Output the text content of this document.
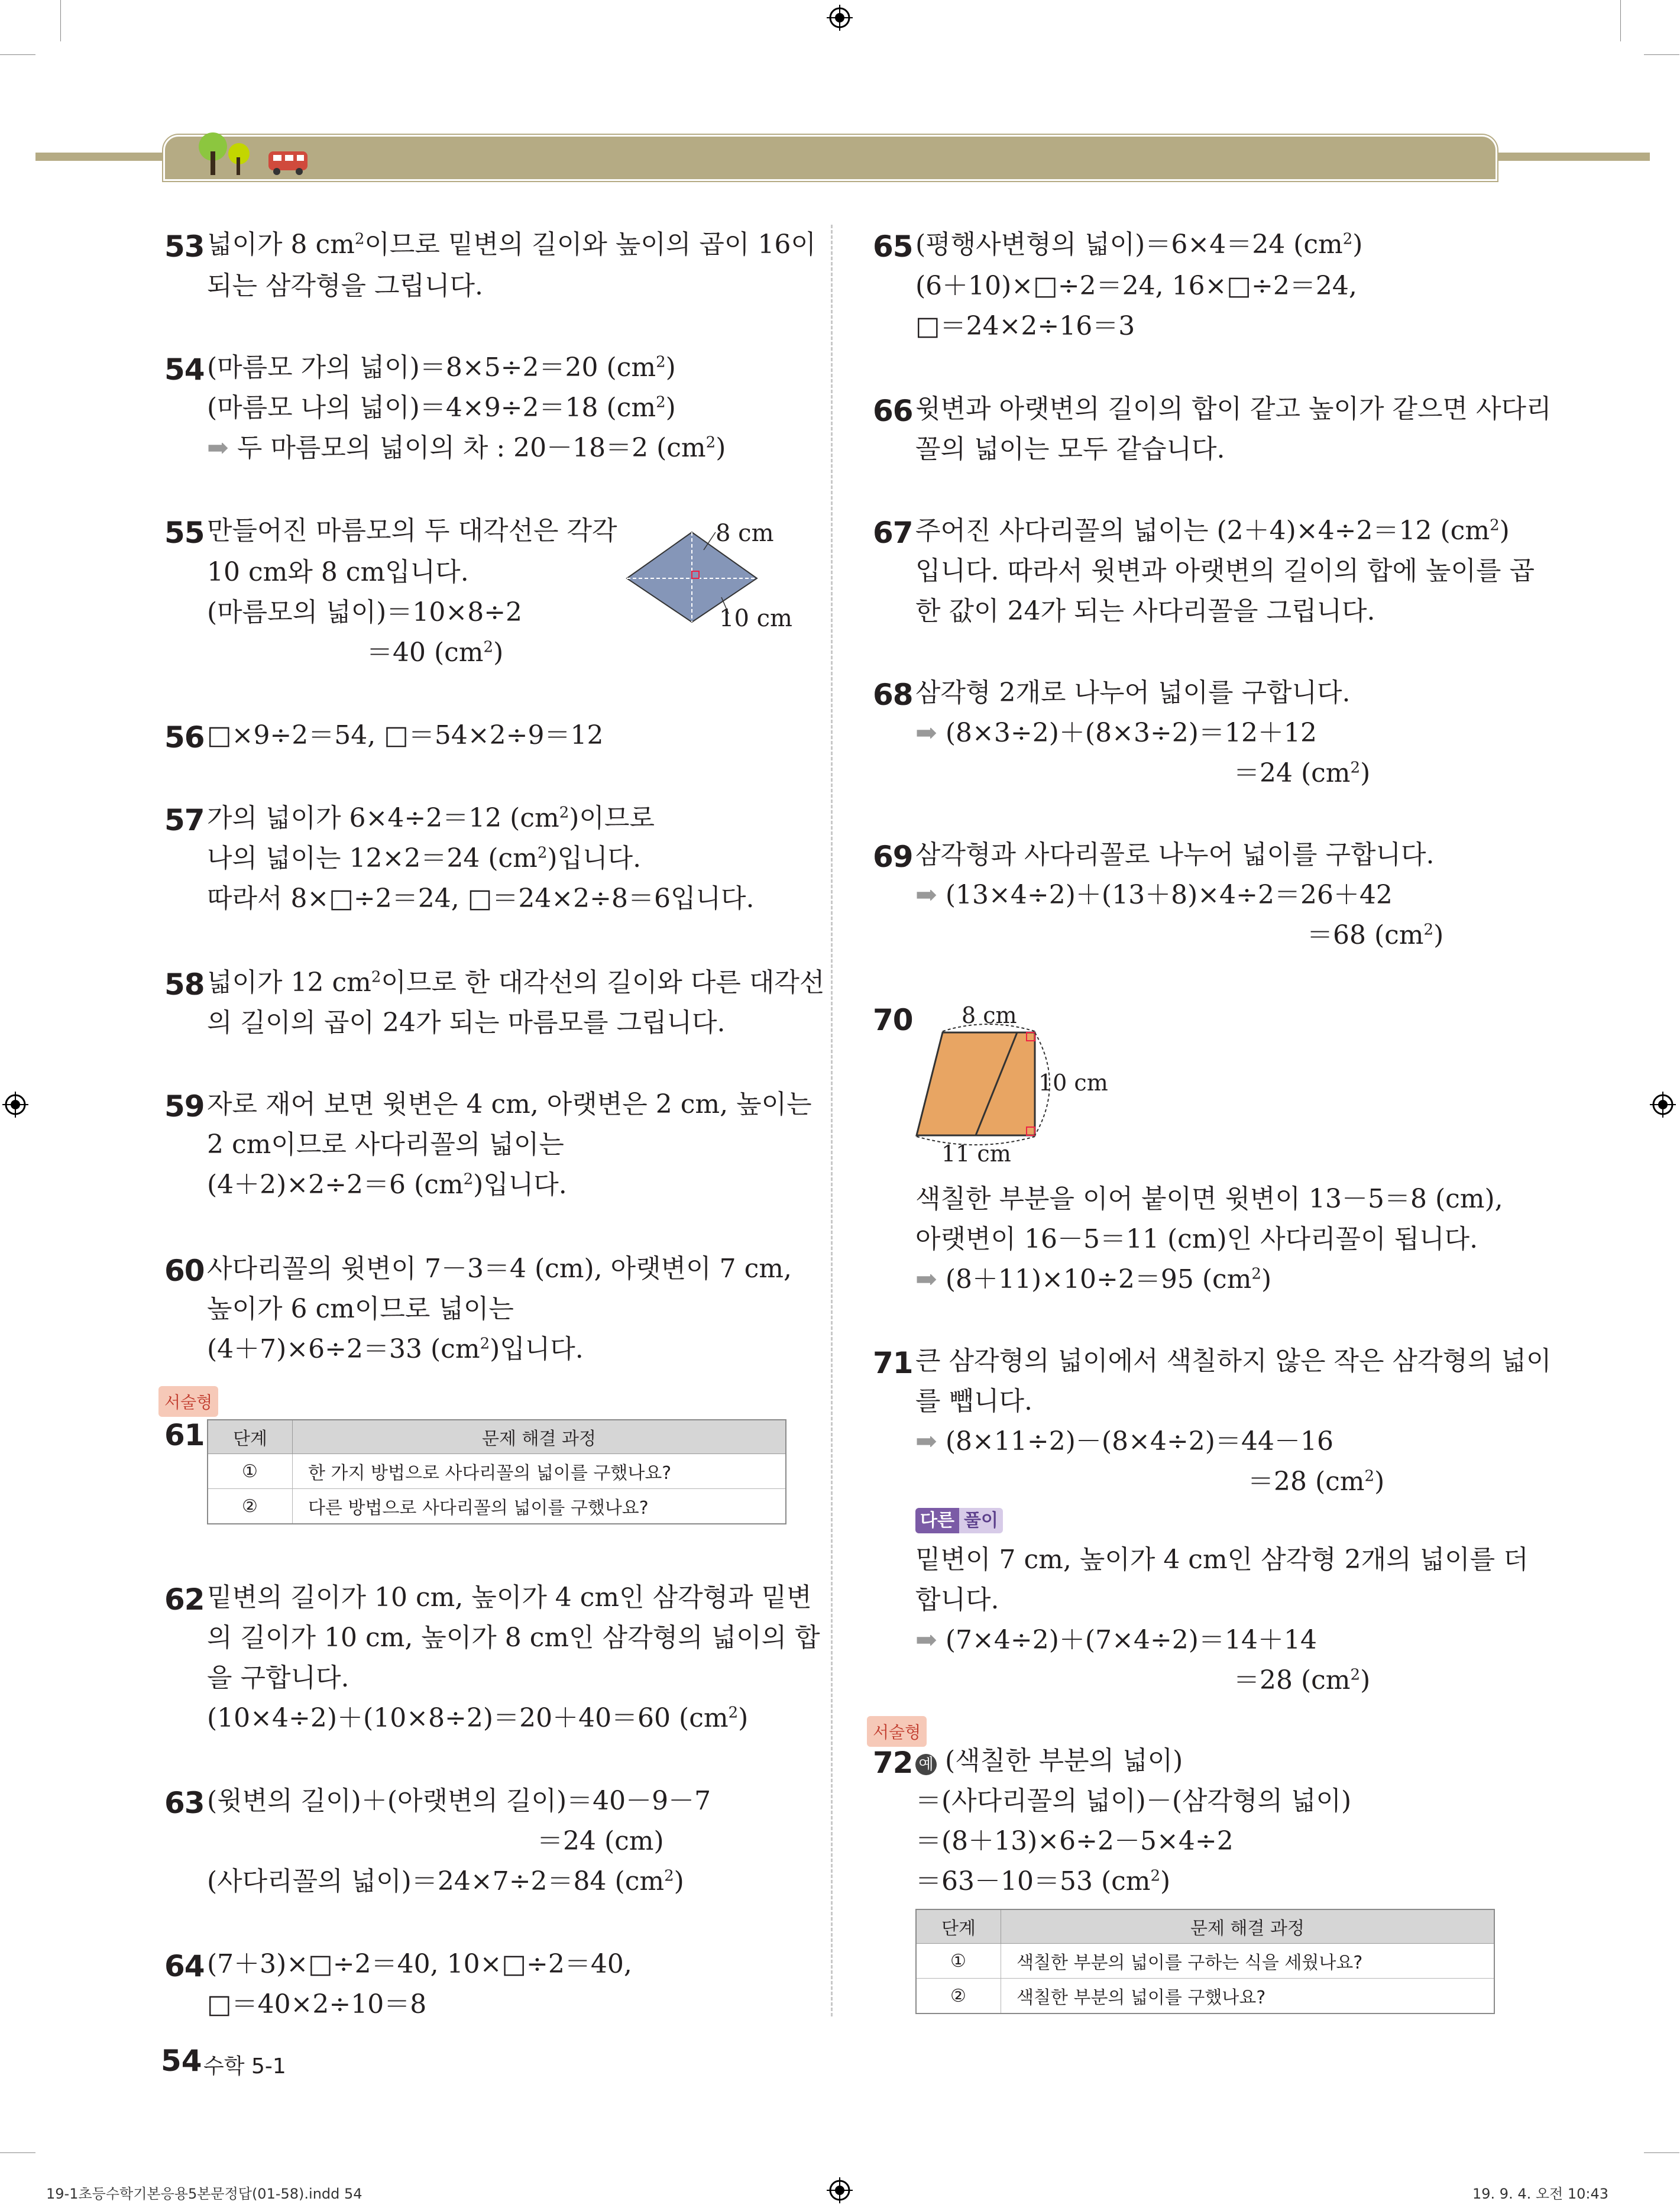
53 넓이가 8 $cm^2$이므로 밑변의 길이와 높이의 곱이 16이
되는 삼각형을 그립니다.
54 (마름모 가의 넓이)＝8×5÷2＝20 $(cm^2)$
(마름모 나의 넓이)＝4×9÷2＝18 $(cm^2)$
➡ 두 마름모의 넓이의 차 : 20－18＝2 $(cm^2)$
55 만들어진 마름모의 두 대각선은 각각
10 cm와 8 cm입니다.
(마름모의 넓이)＝10×8÷2
＝40 $(cm^2)$
8 cm
10 cm
56 □×9÷2＝54, □＝54×2÷9＝12
57 가의 넓이가 6×4÷2＝12 $(cm^2)$이므로
나의 넓이는 12×2＝24 $(cm^2)$입니다.
따라서 8×□÷2＝24, □＝24×2÷8＝6입니다.
58 넓이가 12 $cm^2$이므로 한 대각선의 길이와 다른 대각선
의 길이의 곱이 24가 되는 마름모를 그립니다.
59 자로 재어 보면 윗변은 4 cm, 아랫변은 2 cm, 높이는
2 cm이므로 사다리꼴의 넓이는
(4＋2)×2÷2＝6 $(cm^2)$입니다.
60 사다리꼴의 윗변이 7－3＝4 (cm), 아랫변이 7 cm,
높이가 6 cm이므로 넓이는
(4＋7)×6÷2＝33 $(cm^2)$입니다.
서술형
61 단계	문제 해결 과정
①	한 가지 방법으로 사다리꼴의 넓이를 구했나요?
②	다른 방법으로 사다리꼴의 넓이를 구했나요?
62 밑변의 길이가 10 cm, 높이가 4 cm인 삼각형과 밑변
의 길이가 10 cm, 높이가 8 cm인 삼각형의 넓이의 합
을 구합니다.
(10×4÷2)＋(10×8÷2)＝20＋40＝60 $(cm^2)$
63 (윗변의 길이)＋(아랫변의 길이)＝40－9－7
＝24 (cm)
(사다리꼴의 넓이)＝24×7÷2＝84 $(cm^2)$
64 (7＋3)×□÷2＝40, 10×□÷2＝40,
□＝40×2÷10＝8
65 (평행사변형의 넓이)＝6×4＝24 $(cm^2)$
(6＋10)×□÷2＝24, 16×□÷2＝24,
□＝24×2÷16＝3
66 윗변과 아랫변의 길이의 합이 같고 높이가 같으면 사다리
꼴의 넓이는 모두 같습니다.
67 주어진 사다리꼴의 넓이는 (2＋4)×4÷2＝12 $(cm^2)$
입니다. 따라서 윗변과 아랫변의 길이의 합에 높이를 곱
한 값이 24가 되는 사다리꼴을 그립니다.
68 삼각형 2개로 나누어 넓이를 구합니다.
➡ (8×3÷2)＋(8×3÷2)＝12＋12
＝24 $(cm^2)$
69 삼각형과 사다리꼴로 나누어 넓이를 구합니다.
➡ (13×4÷2)＋(13＋8)×4÷2＝26＋42
＝68 $(cm^2)$
70 8 cm
10 cm
11 cm
색칠한 부분을 이어 붙이면 윗변이 13－5＝8 (cm),
아랫변이 16－5＝11 (cm)인 사다리꼴이 됩니다.
➡ (8＋11)×10÷2＝95 $(cm^2)$
71 큰 삼각형의 넓이에서 색칠하지 않은 작은 삼각형의 넓이
를 뺍니다.
➡ (8×11÷2)－(8×4÷2)＝44－16
＝28 $(cm^2)$
다른 풀이
밑변이 7 cm, 높이가 4 cm인 삼각형 2개의 넓이를 더
합니다.
➡ (7×4÷2)＋(7×4÷2)＝14＋14
＝28 $(cm^2)$
서술형
72 예 (색칠한 부분의 넓이)
＝(사다리꼴의 넓이)－(삼각형의 넓이)
＝(8＋13)×6÷2－5×4÷2
＝63－10＝53 $(cm^2)$
단계	문제 해결 과정
①	색칠한 부분의 넓이를 구하는 식을 세웠나요?
②	색칠한 부분의 넓이를 구했나요?
54 수학 5-1
19-1초등수학기본응용5본문정답(01-58).indd 54	19. 9. 4. 오전 10:43
